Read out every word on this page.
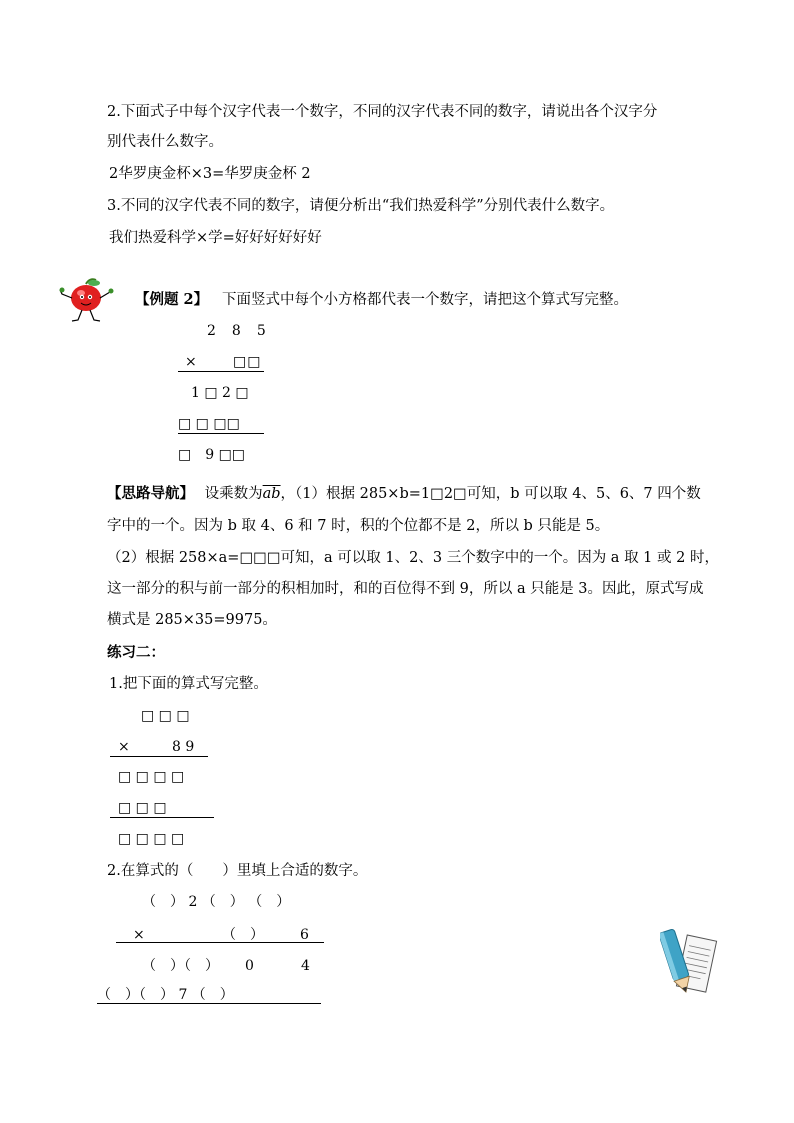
2.下面式子中每个汉字代表一个数字，不同的汉字代表不同的数字，请说出各个汉字分
别代表什么数字。
2华罗庚金杯×3=华罗庚金杯 2
3.不同的汉字代表不同的数字，请便分析出“我们热爱科学”分别代表什么数字。
我们热爱科学×学=好好好好好好
【例题 2】 下面竖式中每个小方格都代表一个数字，请把这个算式写完整。
2　8　5
×	□□
1 □ 2 □
□ □ □□
□　9 □□
【思路导航】 设乘数为$\overline{ab}$，（1）根据 285×b=1□2□可知，b 可以取 4、5、6、7 四个数
字中的一个。因为 b 取 4、6 和 7 时，积的个位都不是 2，所以 b 只能是 5。
（2）根据 258×a=□□□可知，a 可以取 1、2、3 三个数字中的一个。因为 a 取 1 或 2 时，
这一部分的积与前一部分的积相加时，和的百位得不到 9，所以 a 只能是 3。因此，原式写成
横式是 285×35=9975。
练习二：
1.把下面的算式写完整。
□ □ □
×	8 9
□ □ □ □
□ □ □
□ □ □ □
2.在算式的（　　）里填上合适的数字。
（　） 2 （　） （　）
×	（　）	6
（　）（　） 0	4
（　）（　） 7 （　）
